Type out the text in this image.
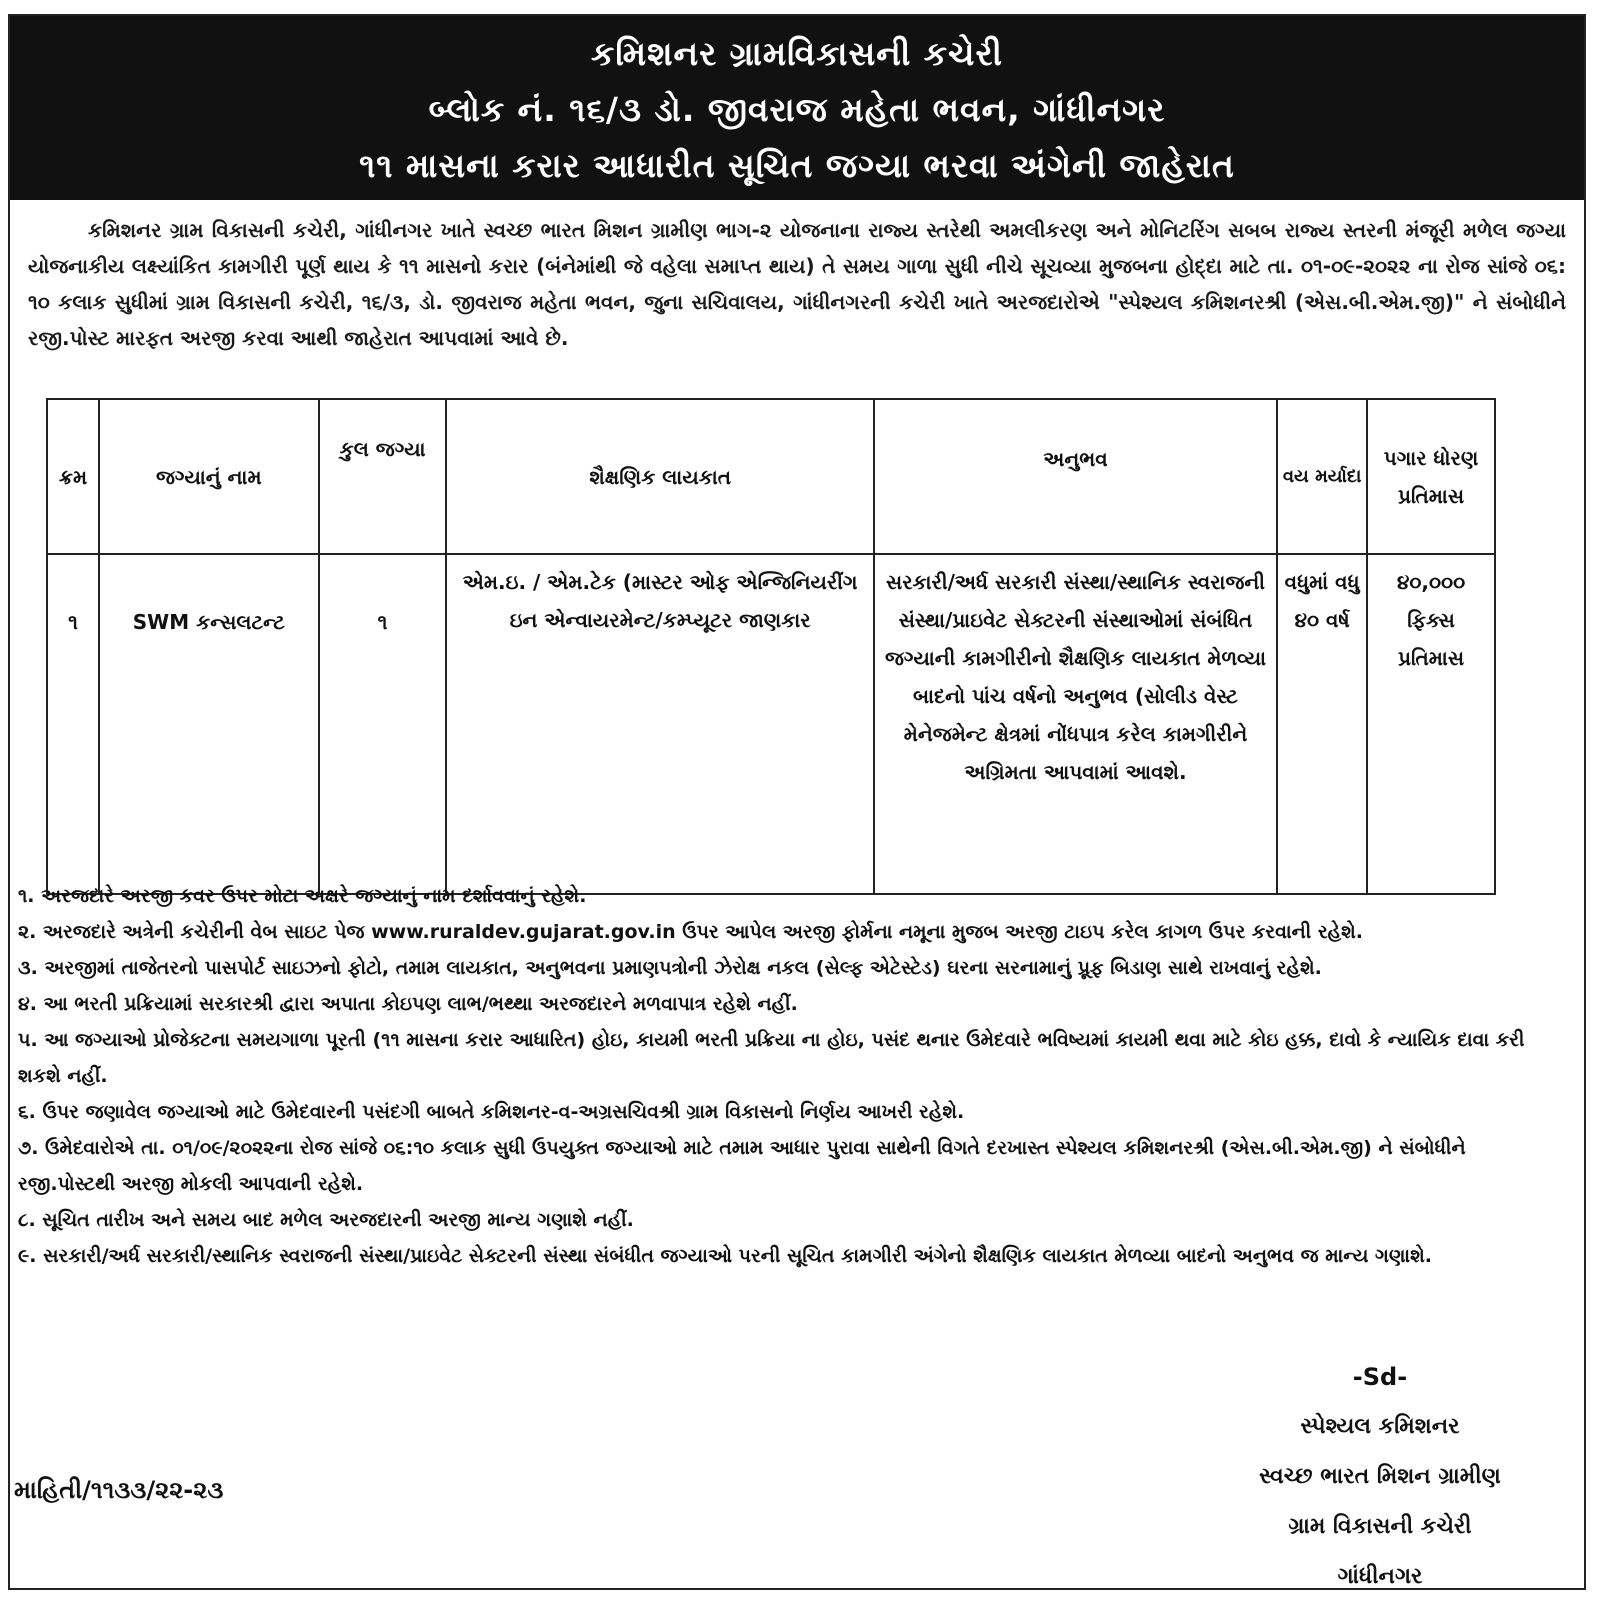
કમિશનર ગ્રામવિકાસની કચેરી
બ્લોક નં. ૧૬/૩ ડો. જીવરાજ મહેતા ભવન, ગાંધીનગર
૧૧ માસના કરાર આધારીત સૂચિત જગ્યા ભરવા અંગેની જાહેરાત
કમિશનર ગ્રામ વિકાસની કચેરી, ગાંધીનગર ખાતે સ્વચ્છ ભારત મિશન ગ્રામીણ ભાગ-૨ યોજનાના રાજ્ય સ્તરેથી અમલીકરણ અને મોનિટરિંગ સબબ રાજ્ય સ્તરની મંજૂરી મળેલ જગ્યા યોજનાકીય લક્ષ્યાંકિત કામગીરી પૂર્ણ થાય કે ૧૧ માસનો કરાર (બંનેમાંથી જે વહેલા સમાપ્ત થાય) તે સમય ગાળા સુધી નીચે સૂચવ્યા મુજબના હોદ્દા માટે તા. ૦૧-૦૯-૨૦૨૨ ના રોજ સાંજે ૦૬: ૧૦ કલાક સુધીમાં ગ્રામ વિકાસની કચેરી, ૧૬/૩, ડો. જીવરાજ મહેતા ભવન, જુના સચિવાલય, ગાંધીનગરની કચેરી ખાતે અરજદારોએ "સ્પેશ્યલ કમિશનરશ્રી (એસ.બી.એમ.જી)" ને સંબોધીને રજી.પોસ્ટ મારફત અરજી કરવા આથી જાહેરાત આપવામાં આવે છે.
ક્રમ	જગ્યાનું નામ	કુલ જગ્યા	શૈક્ષણિક લાયકાત	અનુભવ	વય મર્યાદા	પગાર ધોરણ પ્રતિમાસ
૧	SWM કન્સલટન્ટ	૧	એમ.ઇ. / એમ.ટેક (માસ્ટર ઓફ એન્જિનિયરીંગ ઇન એન્વાયરમેન્ટ/કમ્પ્યૂટર જાણકાર	સરકારી/અર્ધ સરકારી સંસ્થા/સ્થાનિક સ્વરાજની સંસ્થા/પ્રાઇવેટ સેક્ટરની સંસ્થાઓમાં સંબંધિત જગ્યાની કામગીરીનો શૈક્ષણિક લાયકાત મેળવ્યા બાદનો પાંચ વર્ષનો અનુભવ (સોલીડ વેસ્ટ મેનેજમેન્ટ ક્ષેત્રમાં નોંધપાત્ર કરેલ કામગીરીને અગ્રિમતા આપવામાં આવશે.	વધુમાં વધુ ૪૦ વર્ષ	૪૦,૦૦૦ ફિક્સ પ્રતિમાસ
૧. અરજદારે અરજી કવર ઉપર મોટા અક્ષરે જગ્યાનું નામ દર્શાવવાનું રહેશે.
૨. અરજદારે અત્રેની કચેરીની વેબ સાઇટ પેજ www.ruraldev.gujarat.gov.in ઉપર આપેલ અરજી ફોર્મના નમૂના મુજબ અરજી ટાઇપ કરેલ કાગળ ઉપર કરવાની રહેશે.
૩. અરજીમાં તાજેતરનો પાસપોર્ટ સાઇઝનો ફોટો, તમામ લાયકાત, અનુભવના પ્રમાણપત્રોની ઝેરોક્ષ નકલ (સેલ્ફ એટેસ્ટેડ) ઘરના સરનામાનું પ્રૂફ બિડાણ સાથે રાખવાનું રહેશે.
૪. આ ભરતી પ્રક્રિયામાં સરકારશ્રી દ્વારા અપાતા કોઇપણ લાભ/ભથ્થા અરજદારને મળવાપાત્ર રહેશે નહીં.
૫. આ જગ્યાઓ પ્રોજેક્ટના સમયગાળા પૂરતી (૧૧ માસના કરાર આધારિત) હોઇ, કાયમી ભરતી પ્રક્રિયા ના હોઇ, પસંદ થનાર ઉમેદવારે ભવિષ્યમાં કાયમી થવા માટે કોઇ હક્ક, દાવો કે ન્યાયિક દાવા કરી શકશે નહીં.
૬. ઉપર જણાવેલ જગ્યાઓ માટે ઉમેદવારની પસંદગી બાબતે કમિશનર-વ-અગ્રસચિવશ્રી ગ્રામ વિકાસનો નિર્ણય આખરી રહેશે.
૭. ઉમેદવારોએ તા. ૦૧/૦૯/૨૦૨૨ના રોજ સાંજે ૦૬:૧૦ કલાક સુધી ઉપયુક્ત જગ્યાઓ માટે તમામ આધાર પુરાવા સાથેની વિગતે દરખાસ્ત સ્પેશ્યલ કમિશનરશ્રી (એસ.બી.એમ.જી) ને સંબોધીને રજી.પોસ્ટથી અરજી મોકલી આપવાની રહેશે.
૮. સૂચિત તારીખ અને સમય બાદ મળેલ અરજદારની અરજી માન્ય ગણાશે નહીં.
૯. સરકારી/અર્ધ સરકારી/સ્થાનિક સ્વરાજની સંસ્થા/પ્રાઇવેટ સેક્ટરની સંસ્થા સંબંધીત જગ્યાઓ પરની સૂચિત કામગીરી અંગેનો શૈક્ષણિક લાયકાત મેળવ્યા બાદનો અનુભવ જ માન્ય ગણાશે.
-Sd-
સ્પેશ્યલ કમિશનર
સ્વચ્છ ભારત મિશન ગ્રામીણ
ગ્રામ વિકાસની કચેરી
ગાંધીનગર
માહિતી/૧૧૩૩/૨૨-૨૩
